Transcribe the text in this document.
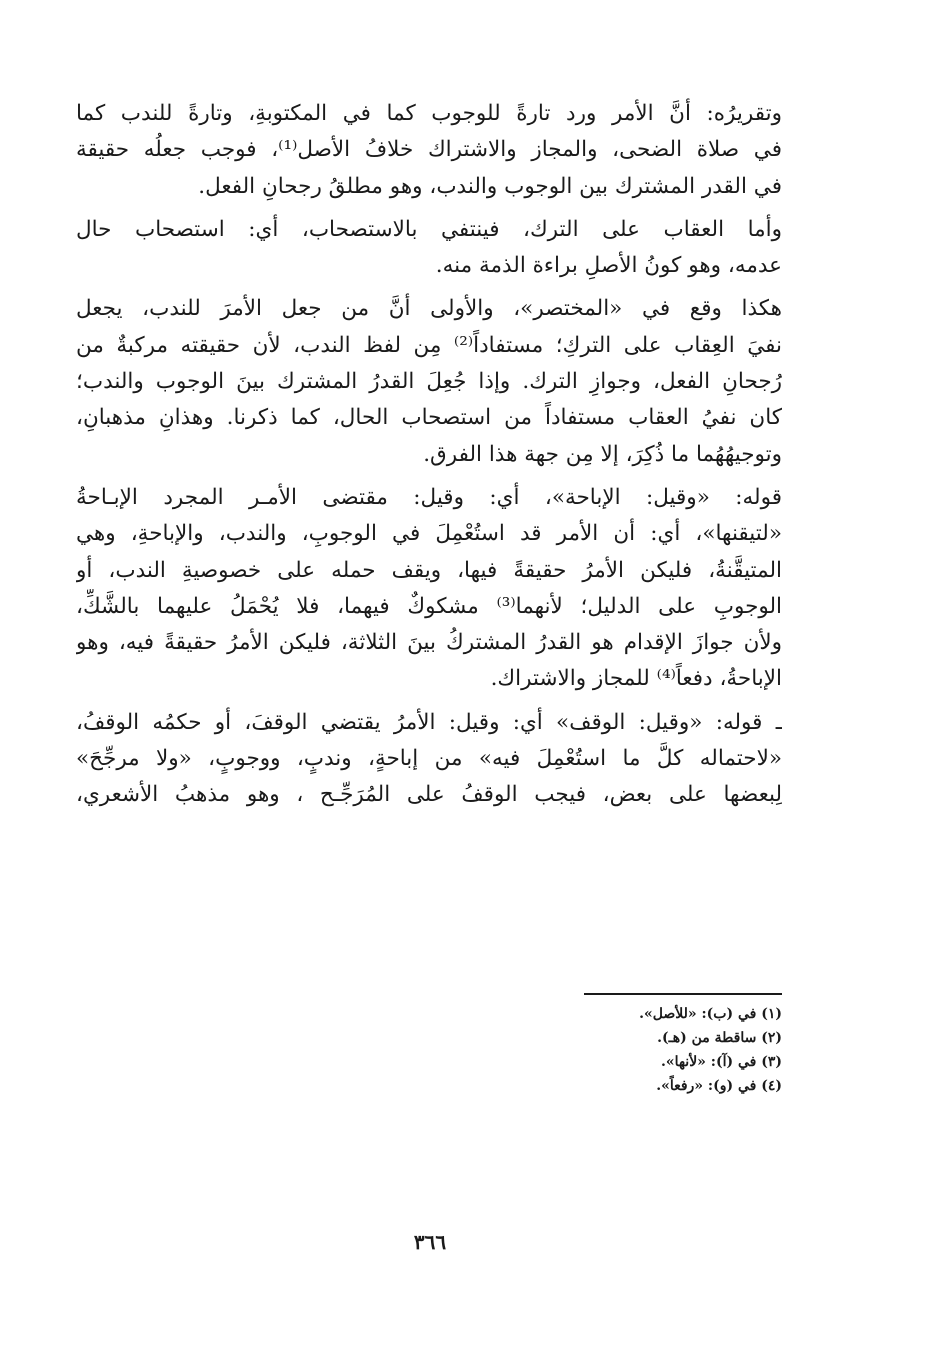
وتقريرُه: أنَّ الأمر ورد تارةً للوجوب كما في المكتوبةِ، وتارةً للندب كما
في صلاة الضحى، والمجاز والاشتراك خلافُ الأصل⁽¹⁾، فوجب جعلُه حقيقة
في القدر المشترك بين الوجوب والندب، وهو مطلقُ رجحانِ الفعل.
وأما العقاب على الترك، فينتفي بالاستصحاب، أي: استصحاب حال
عدمه، وهو كونُ الأصلِ براءة الذمة منه.
هكذا وقع في «المختصر»، والأولى أنَّ من جعل الأمرَ للندب، يجعل
نفيَ العِقاب على التركِ؛ مستفاداً⁽²⁾ مِن لفظ الندب، لأن حقيقته مركبةٌ من
رُجحانِ الفعل، وجوازِ الترك. وإذا جُعِلَ القدرُ المشترك بينَ الوجوب والندب؛
كان نفيُ العقاب مستفاداً من استصحاب الحال، كما ذكرنا. وهذانِ مذهبانِ،
وتوجيهُهُما ما ذُكِرَ، إلا مِن جهة هذا الفرق.
قوله: «وقيل: الإباحة»، أي: وقيل: مقتضى الأمـر المجرد الإبـاحةُ
«لتيقنها»، أي: أن الأمر قد استُعْمِلَ في الوجوبِ، والندب، والإباحةِ، وهي
المتيقَّنةُ، فليكن الأمرُ حقيقةً فيها، ويقف حمله على خصوصيةِ الندب، أو
الوجوبِ على الدليل؛ لأنهما⁽³⁾ مشكوكٌ فيهما، فلا يُحْمَلُ عليهما بالشَّكِّ،
ولأن جوازَ الإقدام هو القدرُ المشتركُ بينَ الثلاثة، فليكن الأمرُ حقيقةً فيه، وهو
الإباحةُ، دفعاً⁽⁴⁾ للمجاز والاشتراك.
ـ قوله: «وقيل: الوقف» أي: وقيل: الأمرُ يقتضي الوقفَ، أو حكمُه الوقفُ،
«لاحتماله كلَّ ما استُعْمِلَ فيه» من إباحةٍ، وندبٍ، ووجوبٍ، «ولا مرجِّحَ»
لِبعضها على بعض، فيجب الوقفُ على المُرَجِّـح ، وهو مذهبُ الأشعري،
(١) في (ب): «للأصل».
(٢) ساقطة من (هـ).
(٣) في (آ): «لأنها».
(٤) في (و): «رفعاً».
٣٦٦
